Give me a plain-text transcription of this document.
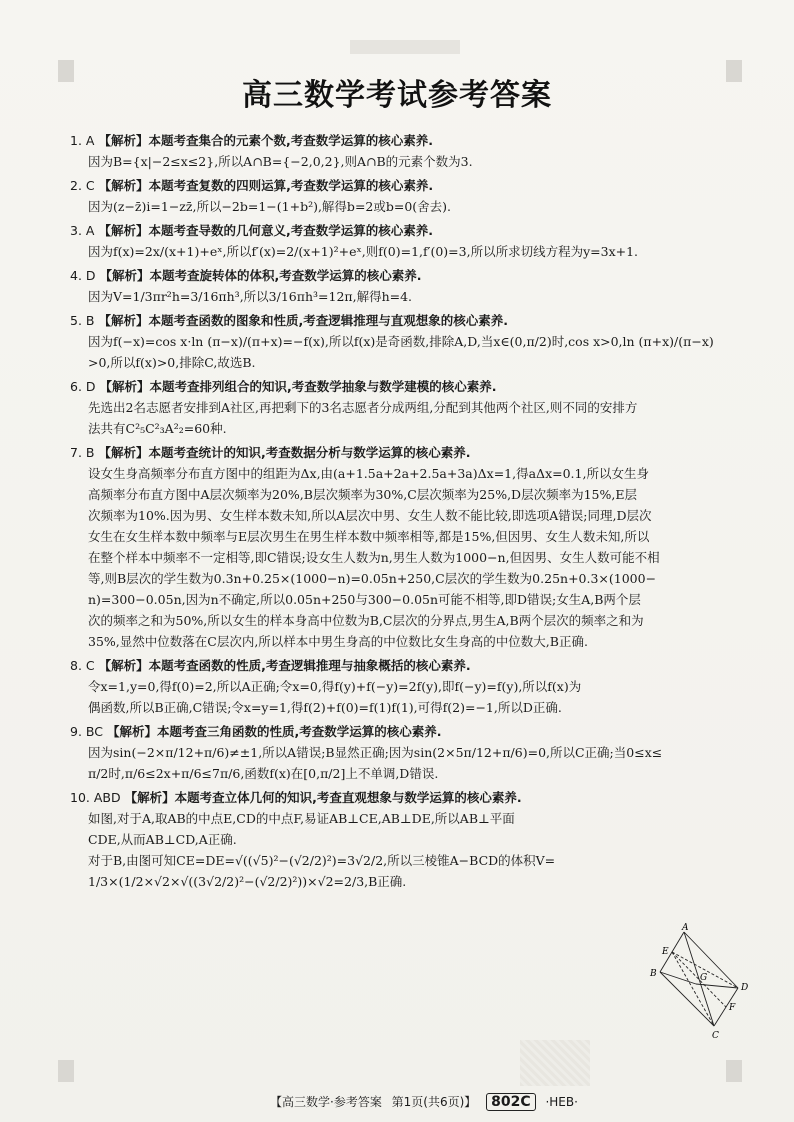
高三数学考试参考答案
1. A 【解析】本题考查集合的元素个数,考查数学运算的核心素养.
因为B={x|−2≤x≤2},所以A∩B={−2,0,2},则A∩B的元素个数为3.
2. C 【解析】本题考查复数的四则运算,考查数学运算的核心素养.
因为(z−z̄)i=1−zz̄,所以−2b=1−(1+b²),解得b=2或b=0(舍去).
3. A 【解析】本题考查导数的几何意义,考查数学运算的核心素养.
因为f(x)=2x/(x+1)+eˣ,所以f′(x)=2/(x+1)²+eˣ,则f(0)=1,f′(0)=3,所以所求切线方程为y=3x+1.
4. D 【解析】本题考查旋转体的体积,考查数学运算的核心素养.
因为V=1/3πr²h=3/16πh³,所以3/16πh³=12π,解得h=4.
5. B 【解析】本题考查函数的图象和性质,考查逻辑推理与直观想象的核心素养.
因为f(−x)=cos x·ln (π−x)/(π+x)=−f(x),所以f(x)是奇函数,排除A,D,当x∈(0,π/2)时,cos x>0,ln (π+x)/(π−x)
>0,所以f(x)>0,排除C,故选B.
6. D 【解析】本题考查排列组合的知识,考查数学抽象与数学建模的核心素养.
先选出2名志愿者安排到A社区,再把剩下的3名志愿者分成两组,分配到其他两个社区,则不同的安排方
法共有C²₅C²₃A²₂=60种.
7. B 【解析】本题考查统计的知识,考查数据分析与数学运算的核心素养.
设女生身高频率分布直方图中的组距为Δx,由(a+1.5a+2a+2.5a+3a)Δx=1,得aΔx=0.1,所以女生身
高频率分布直方图中A层次频率为20%,B层次频率为30%,C层次频率为25%,D层次频率为15%,E层
次频率为10%.因为男、女生样本数未知,所以A层次中男、女生人数不能比较,即选项A错误;同理,D层次
女生在女生样本数中频率与E层次男生在男生样本数中频率相等,都是15%,但因男、女生人数未知,所以
在整个样本中频率不一定相等,即C错误;设女生人数为n,男生人数为1000−n,但因男、女生人数可能不相
等,则B层次的学生数为0.3n+0.25×(1000−n)=0.05n+250,C层次的学生数为0.25n+0.3×(1000−
n)=300−0.05n,因为n不确定,所以0.05n+250与300−0.05n可能不相等,即D错误;女生A,B两个层
次的频率之和为50%,所以女生的样本身高中位数为B,C层次的分界点,男生A,B两个层次的频率之和为
35%,显然中位数落在C层次内,所以样本中男生身高的中位数比女生身高的中位数大,B正确.
8. C 【解析】本题考查函数的性质,考查逻辑推理与抽象概括的核心素养.
令x=1,y=0,得f(0)=2,所以A正确;令x=0,得f(y)+f(−y)=2f(y),即f(−y)=f(y),所以f(x)为
偶函数,所以B正确,C错误;令x=y=1,得f(2)+f(0)=f(1)f(1),可得f(2)=−1,所以D正确.
9. BC 【解析】本题考查三角函数的性质,考查数学运算的核心素养.
因为sin(−2×π/12+π/6)≠±1,所以A错误;B显然正确;因为sin(2×5π/12+π/6)=0,所以C正确;当0≤x≤
π/2时,π/6≤2x+π/6≤7π/6,函数f(x)在[0,π/2]上不单调,D错误.
10. ABD 【解析】本题考查立体几何的知识,考查直观想象与数学运算的核心素养.
如图,对于A,取AB的中点E,CD的中点F,易证AB⊥CE,AB⊥DE,所以AB⊥平面
CDE,从而AB⊥CD,A正确.
对于B,由图可知CE=DE=√((√5)²−(√2/2)²)=3√2/2,所以三棱锥A−BCD的体积V=
1/3×(1/2×√2×√((3√2/2)²−(√2/2)²))×√2=2/3,B正确.
A
E
G
D
B
F
C
【高三数学·参考答案 第1页(共6页)】 802C ·HEB·
